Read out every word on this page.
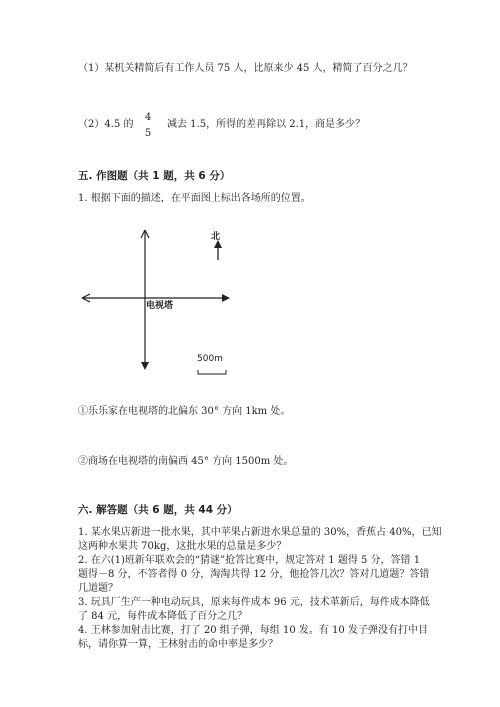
（1）某机关精简后有工作人员 75 人，比原来少 45 人，精简了百分之几？
（2）4.5 的
4
5
减去 1.5，所得的差再除以 2.1，商是多少？
五. 作图题（共 1 题，共 6 分）
1. 根据下面的描述，在平面图上标出各场所的位置。
北
电视塔
500m
①乐乐家在电视塔的北偏东 30° 方向 1km 处。
②商场在电视塔的南偏西 45° 方向 1500m 处。
六. 解答题（共 6 题，共 44 分）
1. 某水果店新进一批水果，其中苹果占新进水果总量的 30%，香蕉占 40%，已知
这两种水果共 70kg，这批水果的总量是多少？
2. 在六(1)班新年联欢会的“猜谜”抢答比赛中，规定答对 1 题得 5 分，答错 1
题得－8 分，不答者得 0 分，淘淘共得 12 分，他抢答几次？答对几道题？答错
几道题？
3. 玩具厂生产一种电动玩具，原来每件成本 96 元，技术革新后，每件成本降低
了 84 元，每件成本降低了百分之几？
4. 王林参加射击比赛，打了 20 组子弹，每组 10 发。有 10 发子弹没有打中目
标，请你算一算，王林射击的命中率是多少？
